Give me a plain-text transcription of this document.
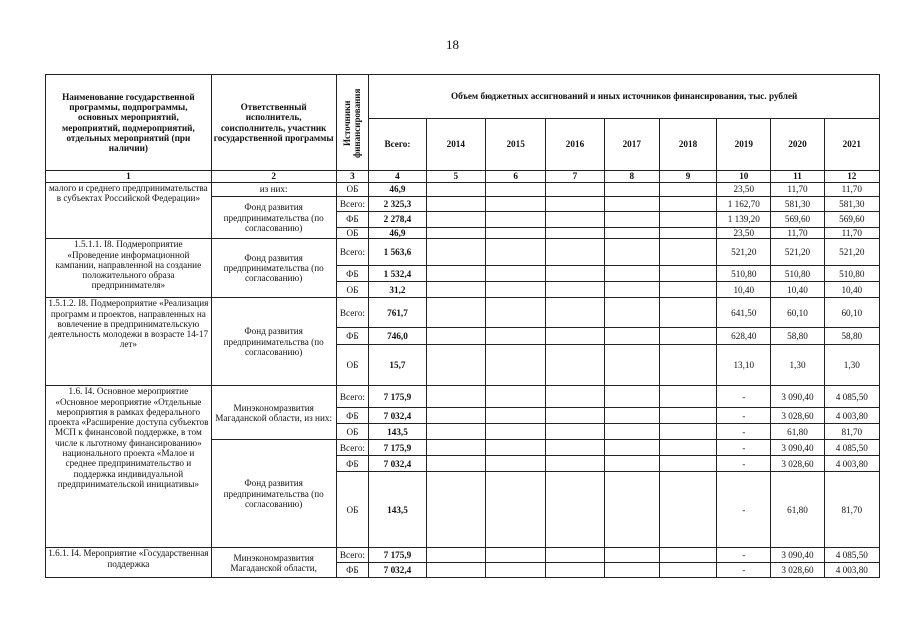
18
Наименование государственной программы, подпрограммы, основных мероприятий, мероприятий, подмероприятий, отдельных мероприятий (при наличии)	Ответственный исполнитель, соисполнитель, участник государственной программы	Источники финансирования	Объем бюджетных ассигнований и иных источников финансирования, тыс. рублей								
			Всего:	2014	2015	2016	2017	2018	2019	2020	2021
1	2	3	4	5	6	7	8	9	10	11	12
малого и среднего предпринимательства в субъектах Российской Федерации»	из них:	ОБ	46,9						23,50	11,70	11,70
	Фонд развития предпринимательства (по согласованию)	Всего:	2 325,3						1 162,70	581,30	581,30
		ФБ	2 278,4						1 139,20	569,60	569,60
		ОБ	46,9						23,50	11,70	11,70
1.5.1.1. I8. Подмероприятие «Проведение информационной кампании, направленной на создание положительного образа предпринимателя»	Фонд развития предпринимательства (по согласованию)	Всего:	1 563,6						521,20	521,20	521,20
		ФБ	1 532,4						510,80	510,80	510,80
		ОБ	31,2						10,40	10,40	10,40
1.5.1.2. I8. Подмероприятие «Реализация программ и проектов, направленных на вовлечение в предпринимательскую деятельность молодежи в возрасте 14-17 лет»	Фонд развития предпринимательства (по согласованию)	Всего:	761,7						641,50	60,10	60,10
		ФБ	746,0						628,40	58,80	58,80
		ОБ	15,7						13,10	1,30	1,30
1.6. I4. Основное мероприятие «Основное мероприятие «Отдельные мероприятия в рамках федерального проекта «Расширение доступа субъектов МСП к финансовой поддержке, в том числе к льготному финансированию» национального проекта «Малое и среднее предпринимательство и поддержка индивидуальной предпринимательской инициативы»	Минэкономразвития Магаданской области, из них:	Всего:	7 175,9						-	3 090,40	4 085,50
		ФБ	7 032,4						-	3 028,60	4 003,80
		ОБ	143,5						-	61,80	81,70
	Фонд развития предпринимательства (по согласованию)	Всего:	7 175,9						-	3 090,40	4 085,50
		ФБ	7 032,4						-	3 028,60	4 003,80
		ОБ	143,5						-	61,80	81,70
1.6.1. I4. Мероприятие «Государственная поддержка	Минэкономразвития Магаданской области,	Всего:	7 175,9						-	3 090,40	4 085,50
		ФБ	7 032,4						-	3 028,60	4 003,80
